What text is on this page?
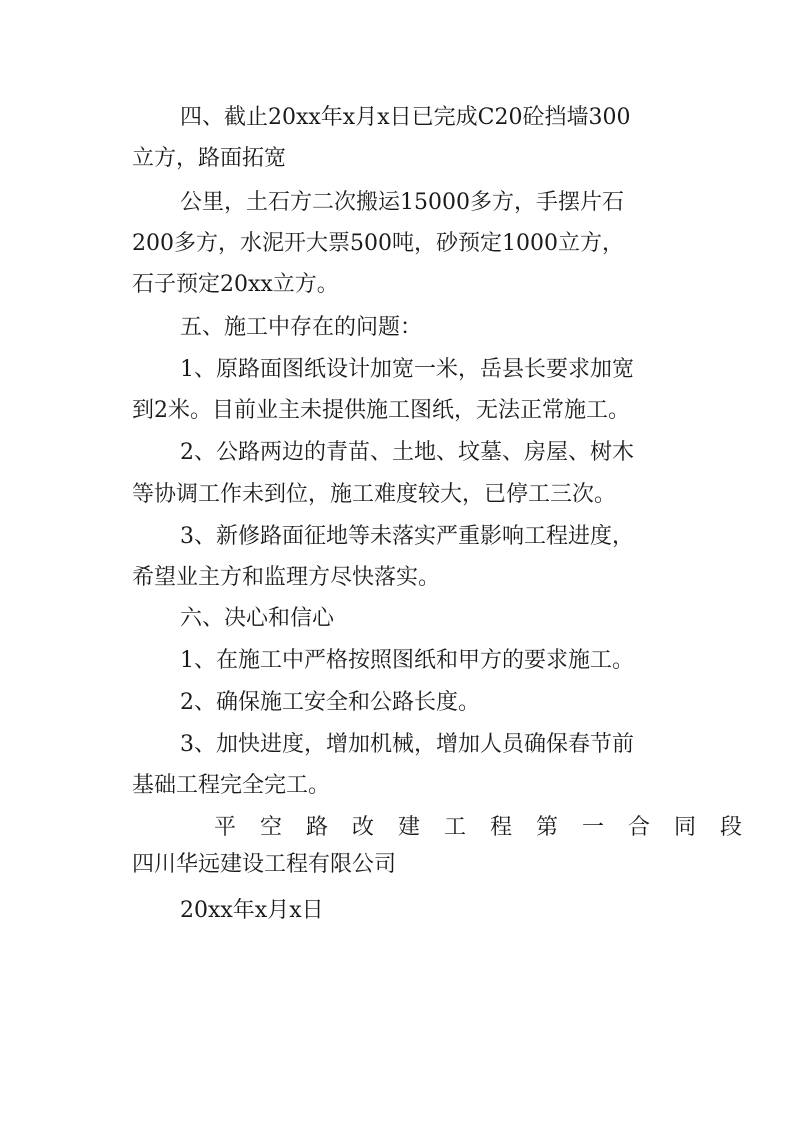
四、截止20xx年x月x日已完成C20砼挡墙300
立方，路面拓宽
公里，土石方二次搬运15000多方，手摆片石
200多方，水泥开大票500吨，砂预定1000立方，
石子预定20xx立方。
五、施工中存在的问题：
1、原路面图纸设计加宽一米，岳县长要求加宽
到2米。目前业主未提供施工图纸，无法正常施工。
2、公路两边的青苗、土地、坟墓、房屋、树木
等协调工作未到位，施工难度较大，已停工三次。
3、新修路面征地等未落实严重影响工程进度，
希望业主方和监理方尽快落实。
六、决心和信心
1、在施工中严格按照图纸和甲方的要求施工。
2、确保施工安全和公路长度。
3、加快进度，增加机械，增加人员确保春节前
基础工程完全完工。
平空路改建工程第一合同段
四川华远建设工程有限公司
20xx年x月x日
